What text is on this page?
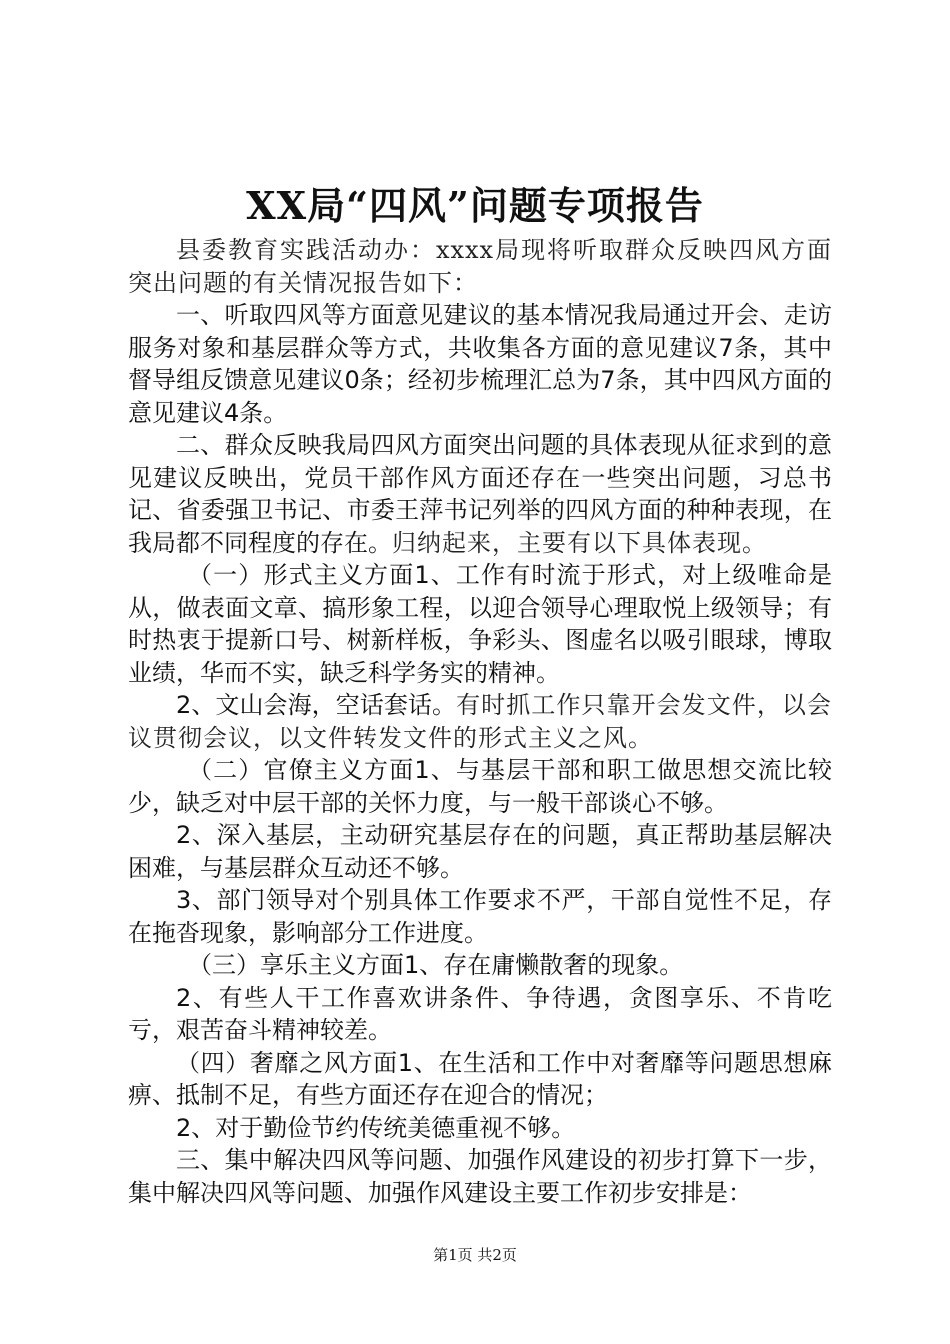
XX局“四风”问题专项报告

县委教育实践活动办：xxxx局现将听取群众反映四风方面突出问题的有关情况报告如下：

一、听取四风等方面意见建议的基本情况我局通过开会、走访服务对象和基层群众等方式，共收集各方面的意见建议7条，其中督导组反馈意见建议0条；经初步梳理汇总为7条，其中四风方面的意见建议4条。

二、群众反映我局四风方面突出问题的具体表现从征求到的意见建议反映出，党员干部作风方面还存在一些突出问题，习总书记、省委强卫书记、市委王萍书记列举的四风方面的种种表现，在我局都不同程度的存在。归纳起来，主要有以下具体表现。

（一）形式主义方面1、工作有时流于形式，对上级唯命是从，做表面文章、搞形象工程，以迎合领导心理取悦上级领导；有时热衷于提新口号、树新样板，争彩头、图虚名以吸引眼球，博取业绩，华而不实，缺乏科学务实的精神。

2、文山会海，空话套话。有时抓工作只靠开会发文件，以会议贯彻会议，以文件转发文件的形式主义之风。

（二）官僚主义方面1、与基层干部和职工做思想交流比较少，缺乏对中层干部的关怀力度，与一般干部谈心不够。

2、深入基层，主动研究基层存在的问题，真正帮助基层解决困难，与基层群众互动还不够。

3、部门领导对个别具体工作要求不严，干部自觉性不足，存在拖沓现象，影响部分工作进度。

（三）享乐主义方面1、存在庸懒散奢的现象。

2、有些人干工作喜欢讲条件、争待遇，贪图享乐、不肯吃亏，艰苦奋斗精神较差。

（四）奢靡之风方面1、在生活和工作中对奢靡等问题思想麻痹、抵制不足，有些方面还存在迎合的情况；

2、对于勤俭节约传统美德重视不够。

三、集中解决四风等问题、加强作风建设的初步打算下一步，集中解决四风等问题、加强作风建设主要工作初步安排是：

第1页 共2页
